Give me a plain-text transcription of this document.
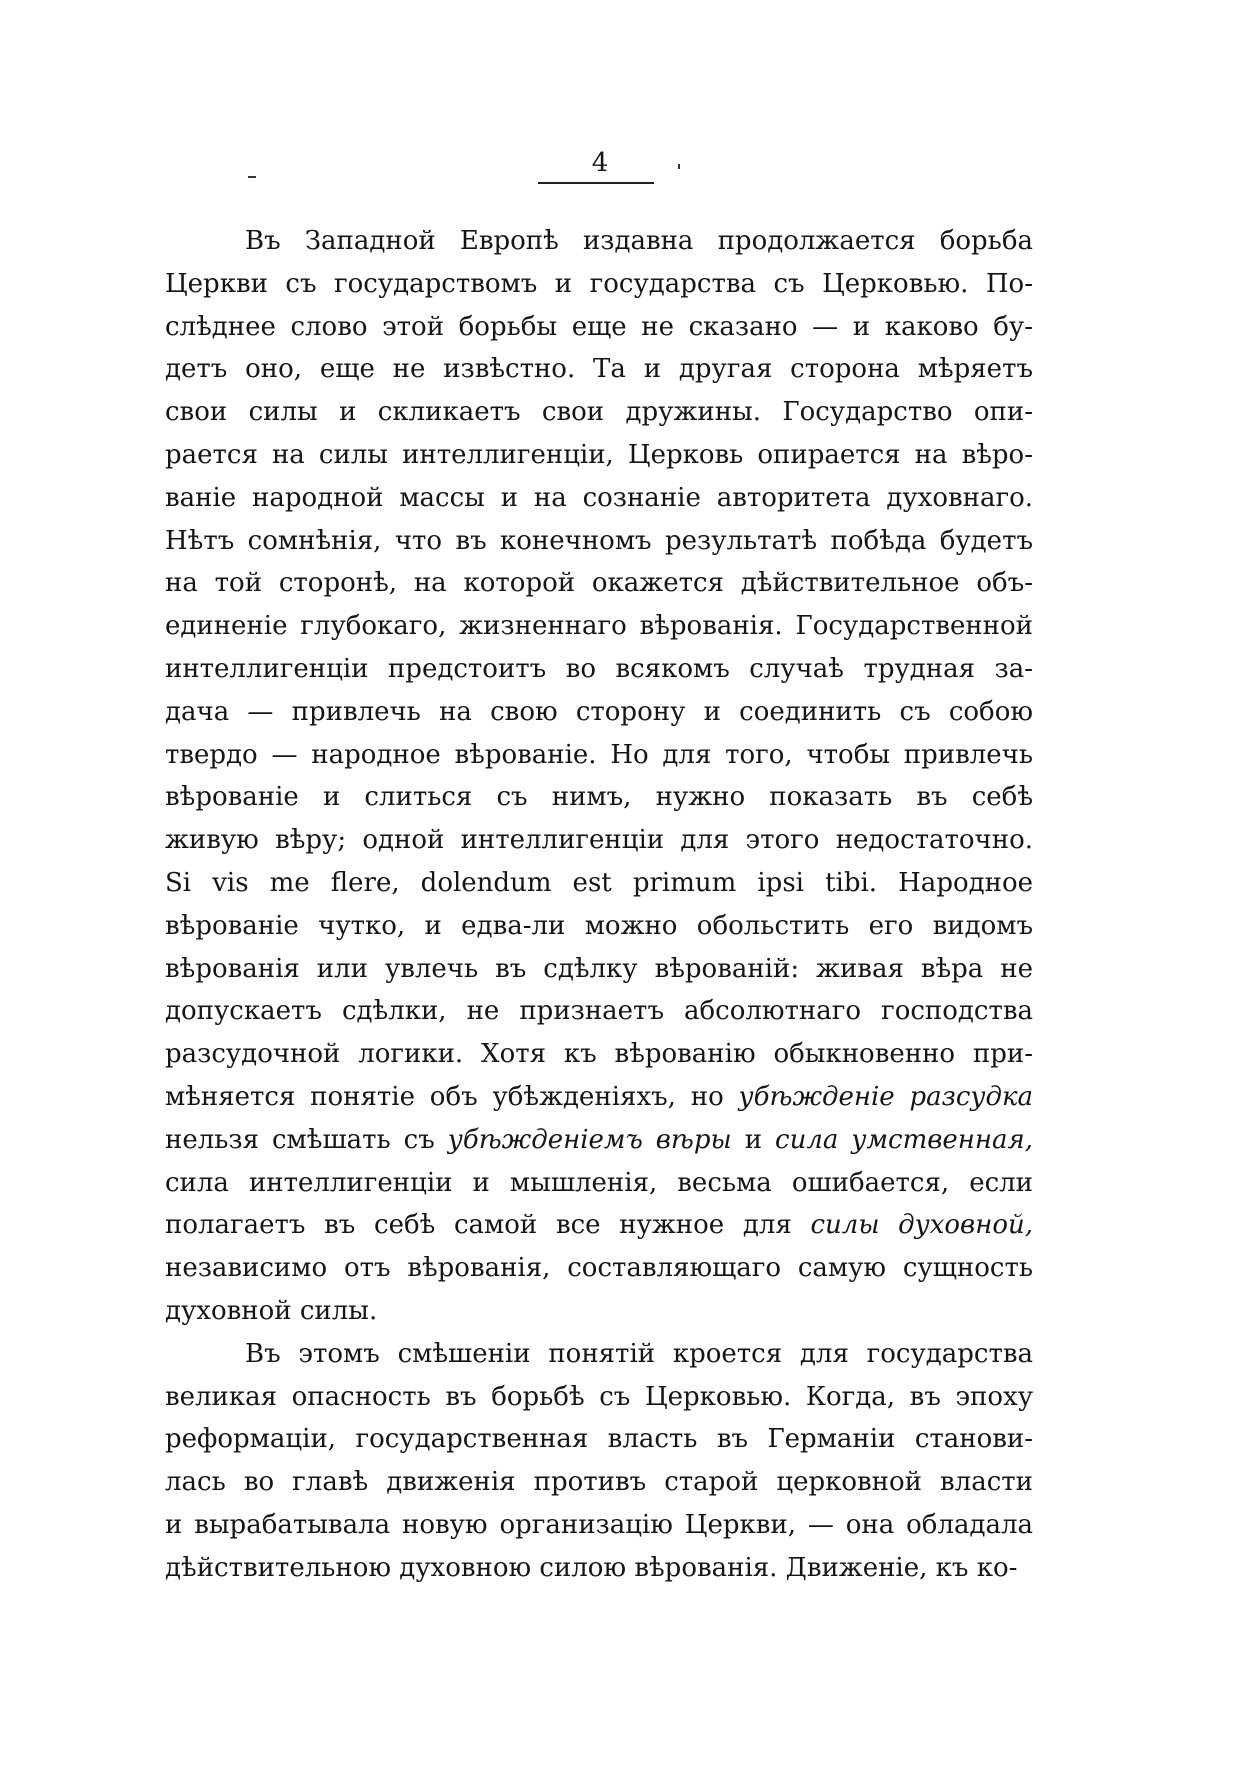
4
Въ Западной Европѣ издавна продолжается борьба
Церкви съ государствомъ и государства съ Церковью. По-
слѣднее слово этой борьбы еще не сказано — и каково бу-
детъ оно, еще не извѣстно. Та и другая сторона мѣряетъ
свои силы и скликаетъ свои дружины. Государство опи-
рается на силы интеллигенціи, Церковь опирается на вѣро-
ваніе народной массы и на сознаніе авторитета духовнаго.
Нѣтъ сомнѣнія, что въ конечномъ результатѣ побѣда будетъ
на той сторонѣ, на которой окажется дѣйствительное объ-
единеніе глубокаго, жизненнаго вѣрованія. Государственной
интеллигенціи предстоитъ во всякомъ случаѣ трудная за-
дача — привлечь на свою сторону и соединить съ собою
твердо — народное вѣрованіе. Но для того, чтобы привлечь
вѣрованіе и слиться съ нимъ, нужно показать въ себѣ
живую вѣру; одной интеллигенціи для этого недостаточно.
Si vis me flere, dolendum est primum ipsi tibi. Народное
вѣрованіе чутко, и едва-ли можно обольстить его видомъ
вѣрованія или увлечь въ сдѣлку вѣрованій: живая вѣра не
допускаетъ сдѣлки, не признаетъ абсолютнаго господства
разсудочной логики. Хотя къ вѣрованію обыкновенно при-
мѣняется понятіе объ убѣжденіяхъ, но убѣжденіе разсудка
нельзя смѣшать съ убѣжденіемъ вѣры и сила умственная,
сила интеллигенціи и мышленія, весьма ошибается, если
полагаетъ въ себѣ самой все нужное для силы духовной,
независимо отъ вѣрованія, составляющаго самую сущность
духовной силы.
Въ этомъ смѣшеніи понятій кроется для государства
великая опасность въ борьбѣ съ Церковью. Когда, въ эпоху
реформаціи, государственная власть въ Германіи станови-
лась во главѣ движенія противъ старой церковной власти
и вырабатывала новую организацію Церкви, — она обладала
дѣйствительною духовною силою вѣрованія. Движеніе, къ ко-
